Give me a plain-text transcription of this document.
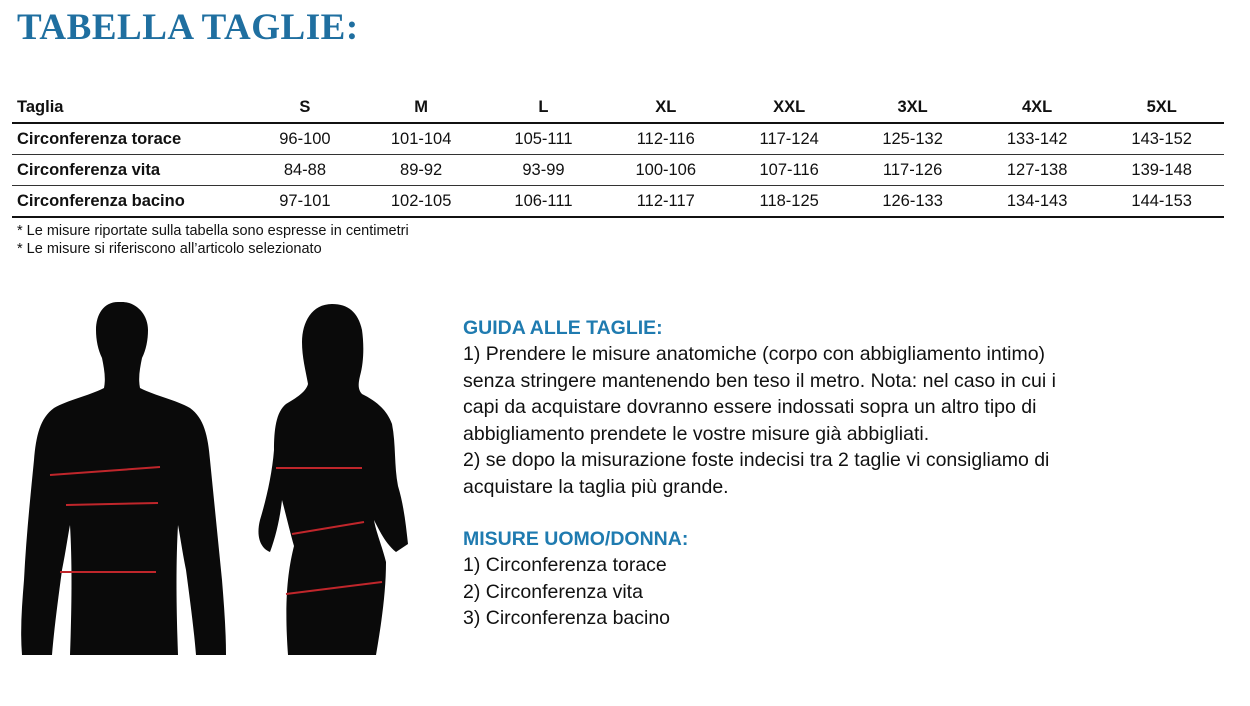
TABELLA TAGLIE:
Taglia	S	M	L	XL	XXL	3XL	4XL	5XL
Circonferenza torace	96-100	101-104	105-111	112-116	117-124	125-132	133-142	143-152
Circonferenza vita	84-88	89-92	93-99	100-106	107-116	117-126	127-138	139-148
Circonferenza bacino	97-101	102-105	106-111	112-117	118-125	126-133	134-143	144-153
* Le misure riportate sulla tabella sono espresse in centimetri
* Le misure si riferiscono all’articolo selezionato
GUIDA ALLE TAGLIE:

1) Prendere le misure anatomiche (corpo con abbigliamento intimo)

senza stringere mantenendo ben teso il metro. Nota: nel caso in cui i

capi da acquistare dovranno essere indossati sopra un altro tipo di

abbigliamento prendete le vostre misure già abbigliati.

2) se dopo la misurazione foste indecisi tra 2 taglie vi consigliamo di

acquistare la taglia più grande.

MISURE UOMO/DONNA:

1) Circonferenza torace

2) Circonferenza vita

3) Circonferenza bacino
